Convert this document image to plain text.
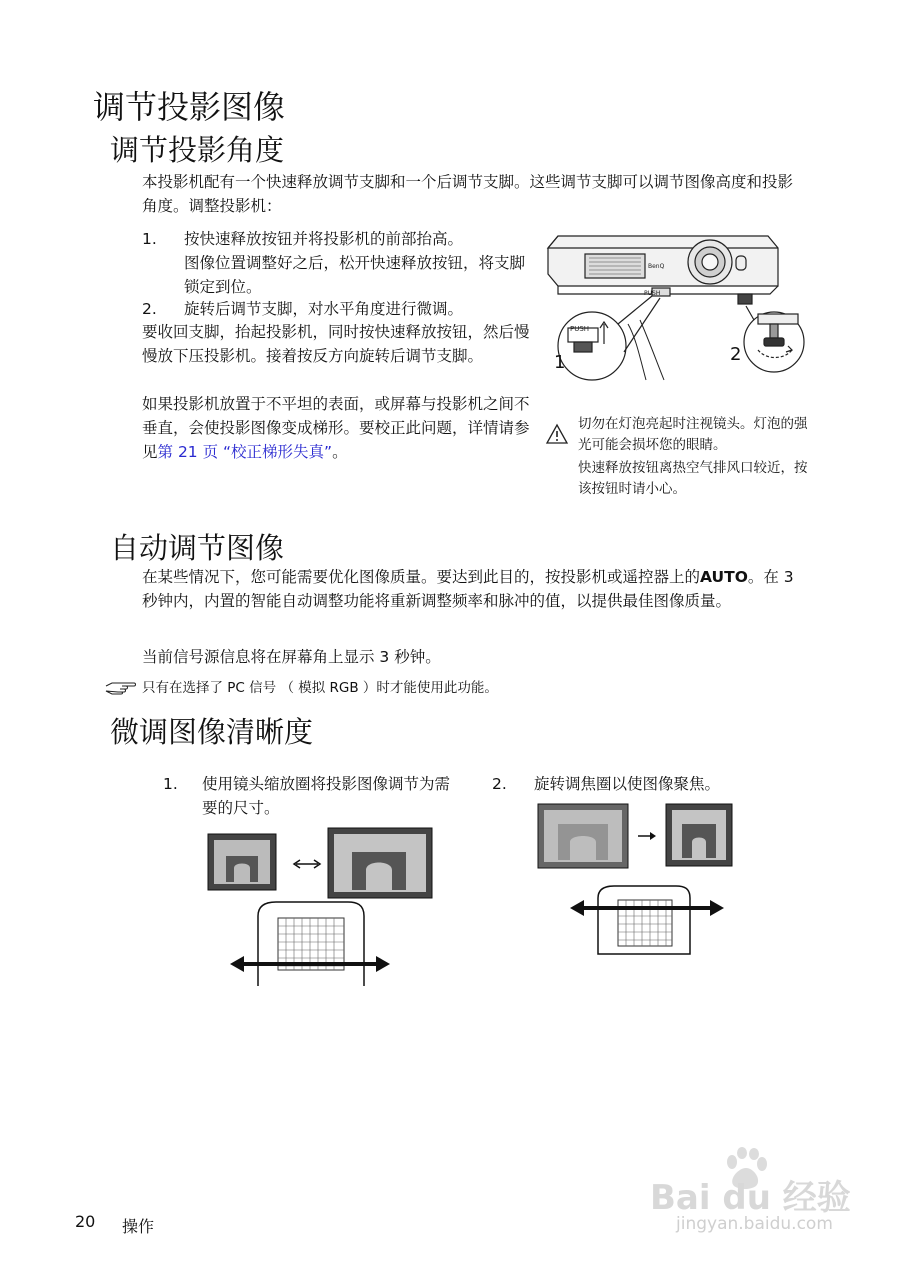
调节投影图像
调节投影角度
本投影机配有一个快速释放调节支脚和一个后调节支脚。这些调节支脚可以调节图像高度和投影角度。调整投影机：
1. 按快速释放按钮并将投影机的前部抬高。
图像位置调整好之后，松开快速释放按钮，将支脚锁定到位。
2. 旋转后调节支脚，对水平角度进行微调。
要收回支脚，抬起投影机，同时按快速释放按钮，然后慢慢放下压投影机。接着按反方向旋转后调节支脚。
如果投影机放置于不平坦的表面，或屏幕与投影机之间不垂直，会使投影图像变成梯形。要校正此问题，详情请参见第 21 页 “校正梯形失真”。
PUSH
PUSH
BenQ
1	2
切勿在灯泡亮起时注视镜头。灯泡的强光可能会损坏您的眼睛。
快速释放按钮离热空气排风口较近，按该按钮时请小心。
自动调节图像
在某些情况下，您可能需要优化图像质量。要达到此目的，按投影机或遥控器上的AUTO。在 3 秒钟内，内置的智能自动调整功能将重新调整频率和脉冲的值，以提供最佳图像质量。
当前信号源信息将在屏幕角上显示 3 秒钟。
只有在选择了 PC 信号 （ 模拟 RGB ）时才能使用此功能。
微调图像清晰度
1. 使用镜头缩放圈将投影图像调节为需要的尺寸。
2. 旋转调焦圈以使图像聚焦。
20 操作
Bai du 经验
jingyan.baidu.com
